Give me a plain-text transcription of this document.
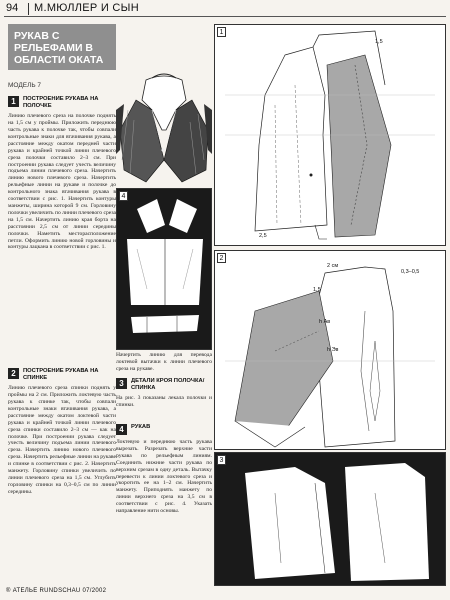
94 М.МЮЛЛЕР И СЫН
РУКАВ С РЕЛЬЕФАМИ В ОБЛАСТИ ОКАТА
МОДЕЛЬ 7
1	ПОСТРОЕНИЕ РУКАВА НА ПОЛОЧКЕ
Линию плечевого среза на полочке поднять на 1,5 см у проймы. Приложить переднюю часть рукава к полочке так, чтобы совпали контрольные знаки для втачивания рукава, а расстояние между окатом передней части рукава и крайней точкой линии плечевого среза полочки составило 2–3 см. При построении рукава следует учесть величину подъема линии плечевого среза. Начертить линию нового плечевого среза. Начертить рельефные линии на рукаве и полочке до контрольного знака втачивания рукава в соответствии с рис. 1. Начертить контуры манжеты, ширина которой 9 см. Горловину полочки увеличить по линии плечевого среза на 1,5 см. Начертить линию края борта на расстоянии 2,5 см от линии середины полочки. Наметить месторасположение петли. Оформить линию новой горловины и контуры лацкана в соответствии с рис. 1.
2	ПОСТРОЕНИЕ РУКАВА НА СПИНКЕ
Линию плечевого среза спинки поднять у проймы на 2 см. Приложить локтевую часть рукава к спинке так, чтобы совпали контрольные знаки втачивания рукава, а расстояние между окатом локтевой части рукава и крайней точкой линии плечевого среза спинки составило 2–3 см — как на полочке. При построении рукава следует учесть величину подъема линии плечевого среза. Начертить линию нового плечевого среза. Начертить рельефные линии на рукаве и спинке в соответствии с рис. 2. Начертить манжету. Горловину спинки увеличить по линии плечевого среза на 1,5 см. Углубить горловину спинки на 0,3–0,5 см по линии середины.
4
Начертить линию для перевода локтевой вытачки к линии плечевого среза на рукаве.
3	ДЕТАЛИ КРОЯ ПОЛОЧКА/СПИНКА
На рис. 3 показаны лекала полочки и спинки.
4	РУКАВ
Локтевую и переднюю часть рукава вырезать. Разрезать верхние части рукава по рельефным линиям. Соединить нижние части рукава по верхним срезам в одну деталь. Вытачку перевести к линии локтевого среза и укоротить ее на 1–2 см. Начертить манжету. Приподнять манжету по линии верхнего среза на 3,5 см в соответствии с рис. 4. Указать направление нити основы.
1
2,5
1,5
2
0,3–0,5
2 см
1,5
h Ав
h Эв
3
® АТЕЛЬЕ RUNDSCHAU 07/2002
